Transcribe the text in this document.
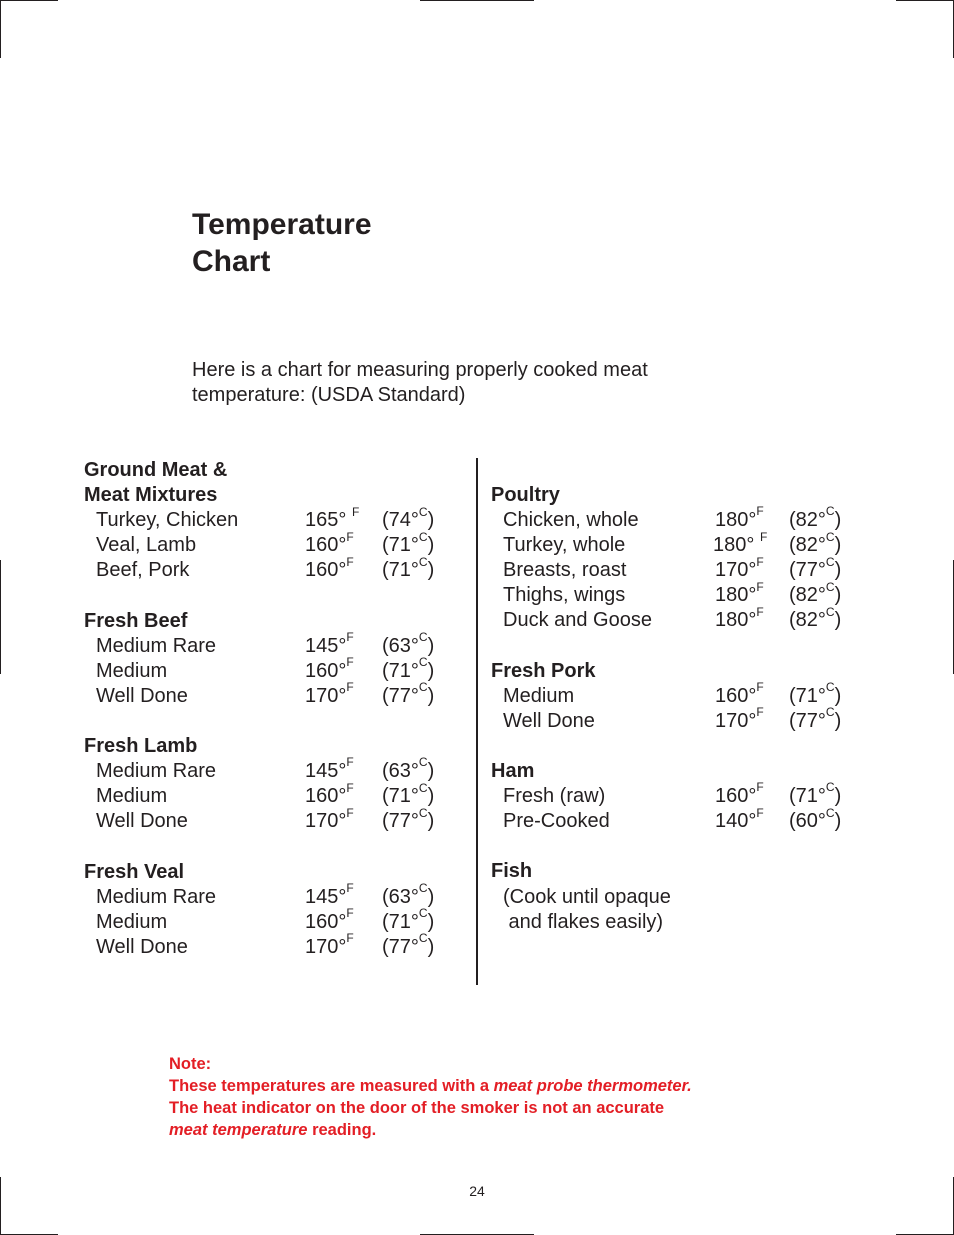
Temperature
Chart

Here is a chart for measuring properly cooked meat
temperature: (USDA Standard)

Ground Meat &
Meat Mixtures
Turkey, Chicken	165° $^F$ (74°$^C$)
Veal, Lamb	160°$^F$ (71°$^C$)
Beef, Pork	160°$^F$ (71°$^C$)
Fresh Beef
Medium Rare	145°$^F$ (63°$^C$)
Medium	160°$^F$ (71°$^C$)
Well Done	170°$^F$ (77°$^C$)
Fresh Lamb
Medium Rare	145°$^F$ (63°$^C$)
Medium	160°$^F$ (71°$^C$)
Well Done	170°$^F$ (77°$^C$)
Fresh Veal
Medium Rare	145°$^F$ (63°$^C$)
Medium	160°$^F$ (71°$^C$)
Well Done	170°$^F$ (77°$^C$)
Poultry
Chicken, whole	180°$^F$ (82°$^C$)
Turkey, whole	180° $^F$ (82°$^C$)
Breasts, roast	170°$^F$ (77°$^C$)
Thighs, wings	180°$^F$ (82°$^C$)
Duck and Goose	180°$^F$ (82°$^C$)
Fresh Pork
Medium	160°$^F$ (71°$^C$)
Well Done	170°$^F$ (77°$^C$)
Ham
Fresh (raw)	160°$^F$ (71°$^C$)
Pre-Cooked	140°$^F$ (60°$^C$)
Fish
(Cook until opaque
and flakes easily)
Note:
These temperatures are measured with a meat probe thermometer.
The heat indicator on the door of the smoker is not an accurate
meat temperature reading.
24
